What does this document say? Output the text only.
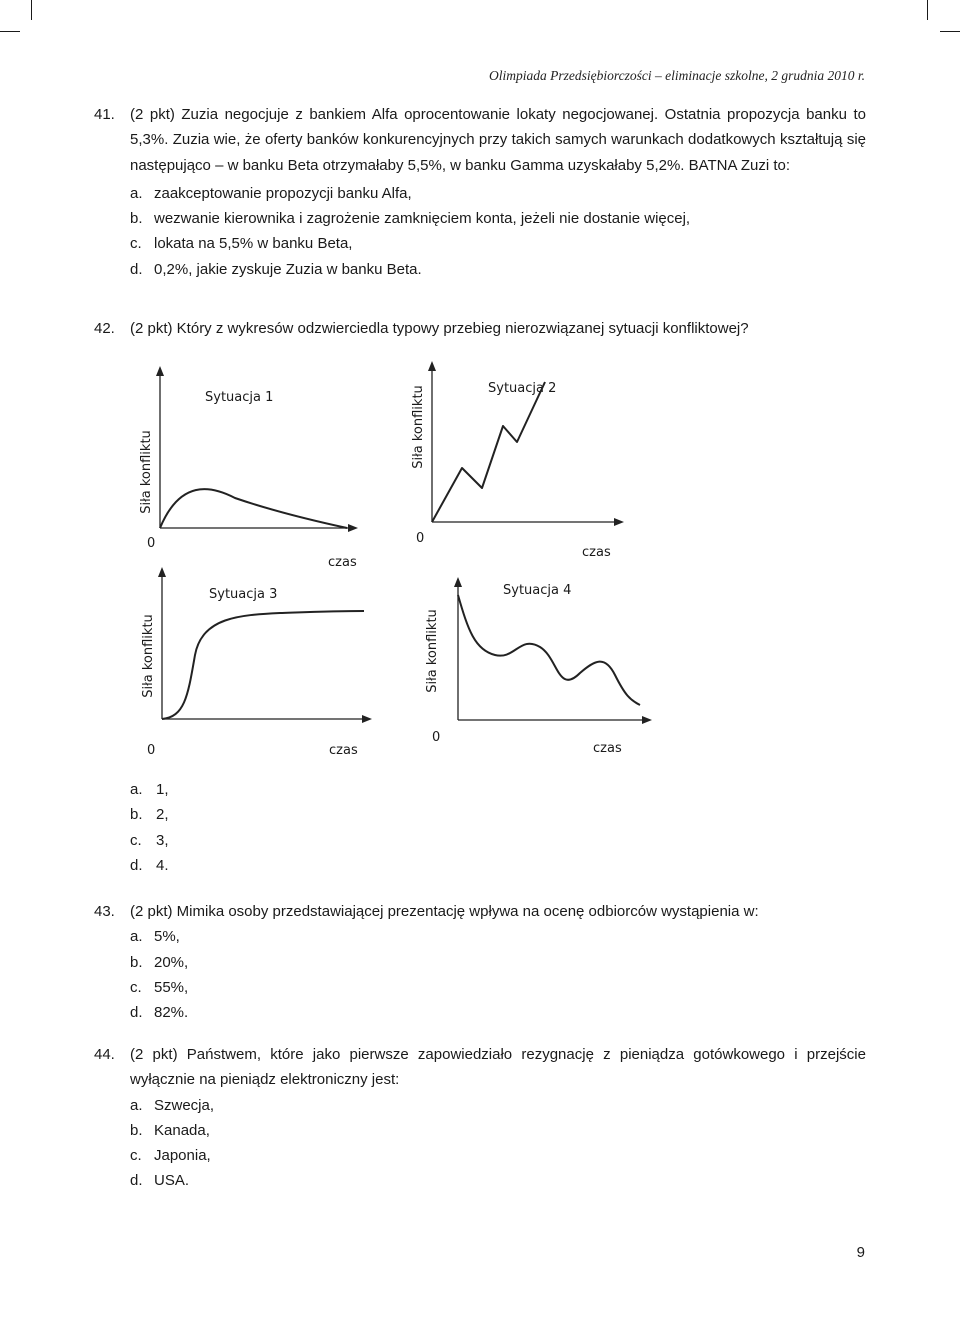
Olimpiada Przedsiębiorczości – eliminacje szkolne, 2 grudnia 2010 r.
41.	(2 pkt) Zuzia negocjuje z bankiem Alfa oprocentowanie lokaty negocjowanej. Ostatnia propozycja banku to 5,3%. Zuzia wie, że oferty banków konkurencyjnych przy takich samych warunkach dodatkowych kształtują się następująco – w banku Beta otrzymałaby 5,5%, w banku Gamma uzyskałaby 5,2%. BATNA Zuzi to:
a. zaakceptowanie propozycji banku Alfa,
b. wezwanie kierownika i zagrożenie zamknięciem konta, jeżeli nie dostanie więcej,
c. lokata na 5,5% w banku Beta,
d. 0,2%, jakie zyskuje Zuzia w banku Beta.
42.	(2 pkt) Który z wykresów odzwierciedla typowy przebieg nierozwiązanej sytuacji konfliktowej?
Sytuacja 1
Siła konfliktu
0
czas
Sytuacja 2
Siła konfliktu
0
czas
Sytuacja 3
Siła konfliktu
0	czas
Sytuacja 4
Siła konfliktu
0
czas
a. 1,
b. 2,
c. 3,
d. 4.
43.	(2 pkt) Mimika osoby przedstawiającej prezentację wpływa na ocenę odbiorców wystąpienia w:
a. 5%,
b. 20%,
c. 55%,
d. 82%.
44.	(2 pkt) Państwem, które jako pierwsze zapowiedziało rezygnację z pieniądza gotówkowego i przejście wyłącznie na pieniądz elektroniczny jest:
a. Szwecja,
b. Kanada,
c. Japonia,
d. USA.
9
